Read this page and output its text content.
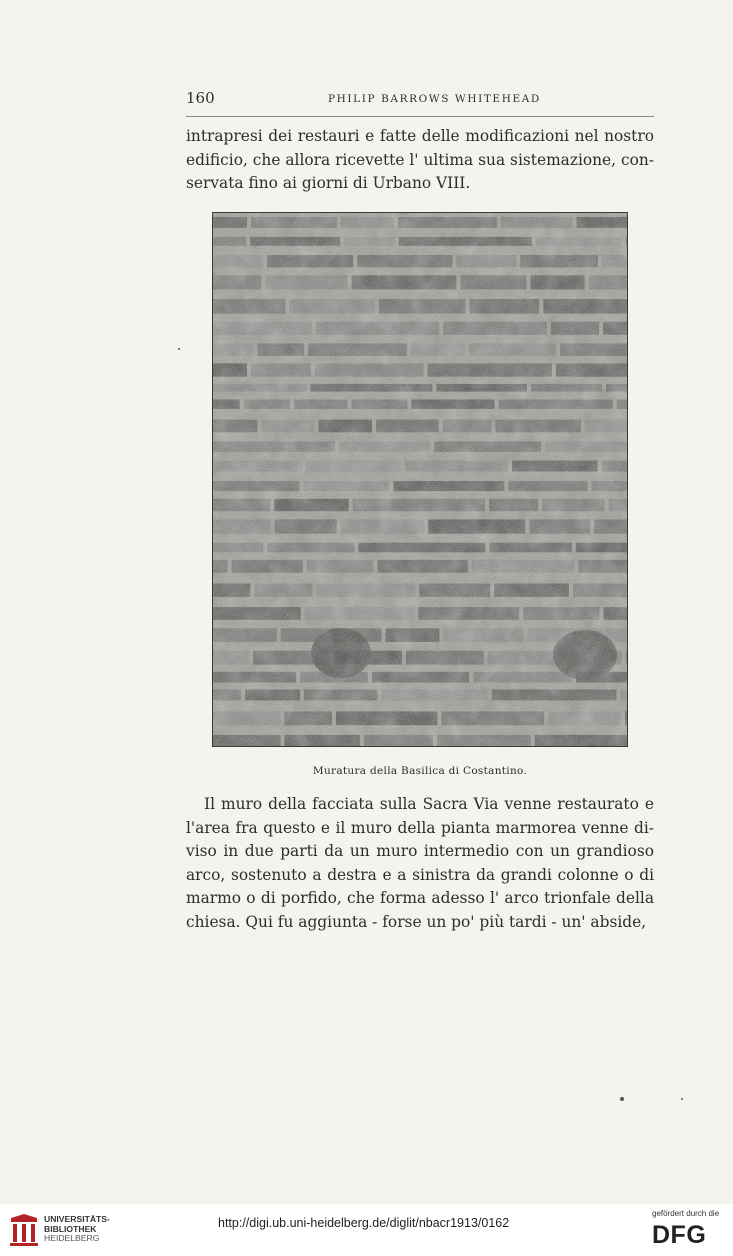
160	PHILIP BARROWS WHITEHEAD

intrapresi dei restauri e fatte delle modificazioni nel nostro
edificio, che allora ricevette l' ultima sua sistemazione, con-
servata fino ai giorni di Urbano VIII.

Muratura della Basilica di Costantino.

Il muro della facciata sulla Sacra Via venne restaurato e
l'area fra questo e il muro della pianta marmorea venne di-
viso in due parti da un muro intermedio con un grandioso
arco, sostenuto a destra e a sinistra da grandi colonne o di
marmo o di porfido, che forma adesso l' arco trionfale della
chiesa. Qui fu aggiunta - forse un po' più tardi - un' abside,

UNIVERSITÄTS-
BIBLIOTHEK
HEIDELBERG
http://digi.ub.uni-heidelberg.de/diglit/nbacr1913/0162
gefördert durch die
DFG
